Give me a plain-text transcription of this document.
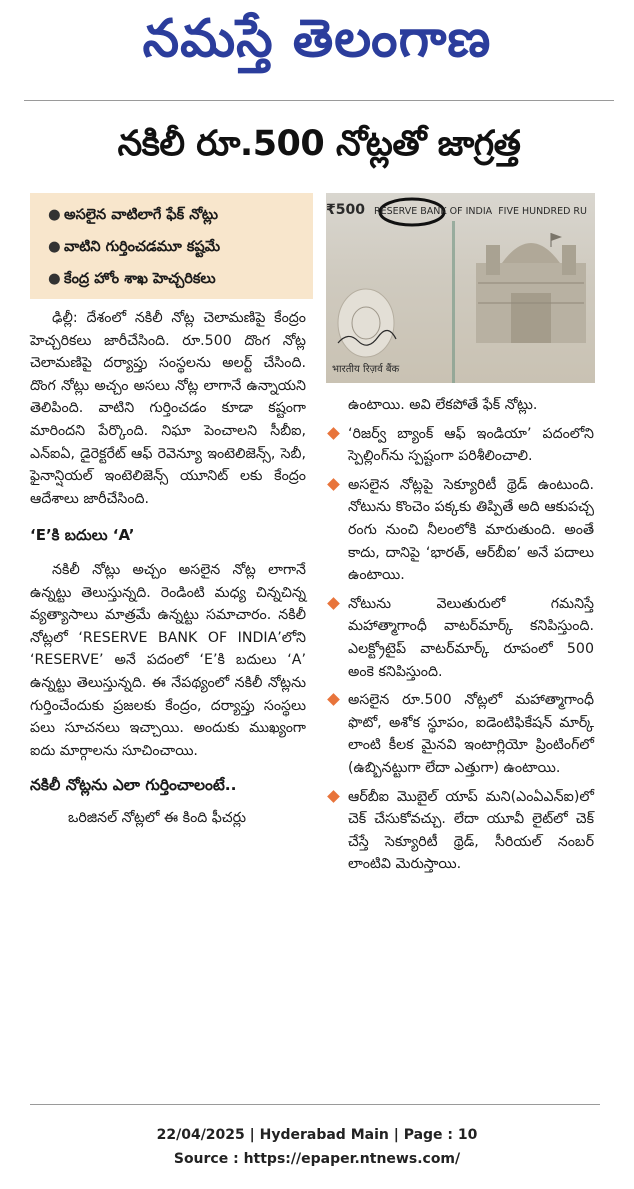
నమస్తే తెలంగాణ
నకిలీ రూ.500 నోట్లతో జాగ్రత్త
● అసలైన వాటిలాగే ఫేక్ నోట్లు
● వాటిని గుర్తించడమూ కష్టమే
● కేంద్ర హోం శాఖ హెచ్చరికలు
₹500 RESERVE BANK OF INDIA FIVE HUNDRED RU
भारतीय रिज़र्व बैंक

ఢిల్లీ: దేశంలో నకిలీ నోట్ల చెలామణిపై కేంద్రం హెచ్చరికలు జారీచేసింది. రూ.500 దొంగ నోట్ల చెలామణిపై దర్యాప్తు సంస్థలను అలర్ట్ చేసింది. దొంగ నోట్లు అచ్చం అసలు నోట్ల లాగానే ఉన్నాయని తెలిపింది. వాటిని గుర్తించడం కూడా కష్టంగా మారిందని పేర్కొంది. నిఘా పెంచాలని సీబీఐ, ఎన్ఐఏ, డైరెక్టరేట్ ఆఫ్ రెవెన్యూ ఇంటెలిజెన్స్, సెబీ, ఫైనాన్షియల్ ఇంటెలిజెన్స్ యూనిట్ లకు కేంద్రం ఆదేశాలు జారీచేసింది.

‘E’కి బదులు ‘A’

నకిలీ నోట్లు అచ్చం అసలైన నోట్ల లాగానే ఉన్నట్టు తెలుస్తున్నది. రెండింటి మధ్య చిన్నచిన్న వ్యత్యాసాలు మాత్రమే ఉన్నట్టు సమాచారం. నకిలీ నోట్లలో ‘RESERVE BANK OF INDIA’లోని ‘RESERVE’ అనే పదంలో ‘E’కి బదులు ‘A’ ఉన్నట్టు తెలుస్తున్నది. ఈ నేపథ్యంలో నకిలీ నోట్లను గుర్తించేందుకు ప్రజలకు కేంద్రం, దర్యాప్తు సంస్థలు పలు సూచనలు ఇచ్చాయి. అందుకు ముఖ్యంగా ఐదు మార్గాలను సూచించాయి.

నకిలీ నోట్లను ఎలా గుర్తించాలంటే..

ఒరిజినల్ నోట్లలో ఈ కింది ఫీచర్లు

ఉంటాయి. అవి లేకపోతే ఫేక్ నోట్లు.

‘రిజర్వ్ బ్యాంక్ ఆఫ్ ఇండియా’ పదంలోని స్పెల్లింగ్‌ను స్పష్టంగా పరిశీలించాలి.
అసలైన నోట్లపై సెక్యూరిటీ థ్రెడ్ ఉంటుంది. నోటును కొంచెం పక్కకు తిప్పితే అది ఆకుపచ్చ రంగు నుంచి నీలంలోకి మారుతుంది. అంతే కాదు, దానిపై ‘భారత్, ఆర్‌బీఐ’ అనే పదాలు ఉంటాయి.
నోటును వెలుతురులో గమనిస్తే మహాత్మాగాంధీ వాటర్‌మార్క్ కనిపిస్తుంది. ఎలక్ట్రోటైప్ వాటర్‌మార్క్ రూపంలో 500 అంకె కనిపిస్తుంది.
అసలైన రూ.500 నోట్లలో మహాత్మాగాంధీ ఫొటో, అశోక స్థూపం, ఐడెంటిఫికేషన్ మార్క్ లాంటి కీలక మైనవి ఇంటాగ్లియో ప్రింటింగ్‌లో (ఉబ్బినట్టుగా లేదా ఎత్తుగా) ఉంటాయి.
ఆర్‌బీఐ మొబైల్ యాప్ మని(ఎంఏఎన్ఐ)లో చెక్ చేసుకోవచ్చు. లేదా యూవీ లైట్‌లో చెక్ చేస్తే సెక్యూరిటీ థ్రెడ్, సీరియల్ నంబర్ లాంటివి మెరుస్తాయి.
22/04/2025 | Hyderabad Main | Page : 10
Source : https://epaper.ntnews.com/
